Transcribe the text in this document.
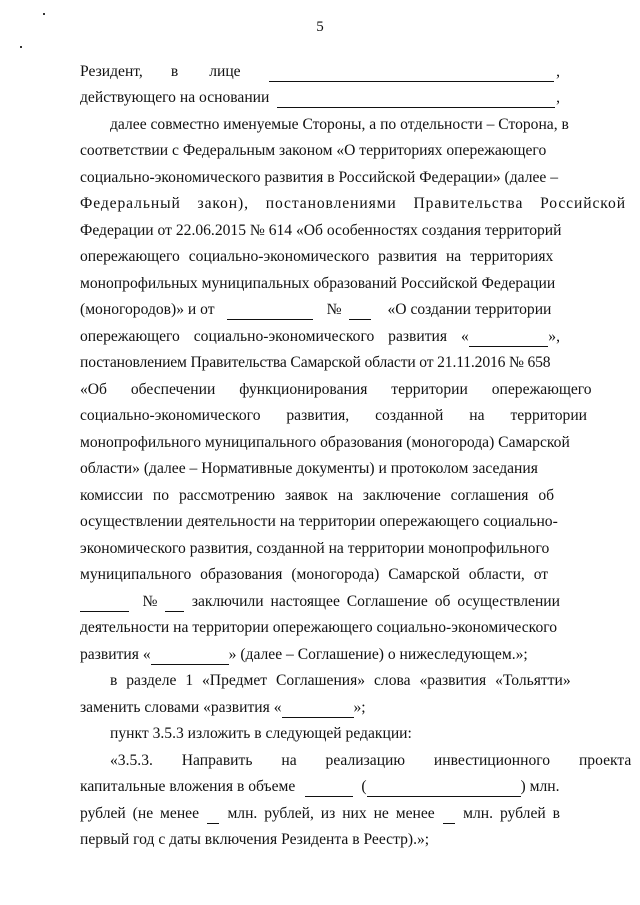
5
Резидент, в лице	,
действующего на основании	,
далее совместно именуемые Стороны, а по отдельности – Сторона, в
соответствии с Федеральным законом «О территориях опережающего
социально-экономического развития в Российской Федерации» (далее –
Федеральный закон), постановлениями Правительства Российской
Федерации от 22.06.2015 № 614 «Об особенностях создания территорий
опережающего социально-экономического развития на территориях
монопрофильных муниципальных образований Российской Федерации
(моногородов)» и от	№	«О создании территории
опережающего социально-экономического развития «	»,
постановлением Правительства Самарской области от 21.11.2016 № 658
«Об обеспечении функционирования территории опережающего
социально-экономического развития, созданной на территории
монопрофильного муниципального образования (моногорода) Самарской
области» (далее – Нормативные документы) и протоколом заседания
комиссии по рассмотрению заявок на заключение соглашения об
осуществлении деятельности на территории опережающего социально-
экономического развития, созданной на территории монопрофильного
муниципального образования (моногорода) Самарской области, от
№ заключили настоящее Соглашение об осуществлении
деятельности на территории опережающего социально-экономического
развития «	» (далее – Соглашение) о нижеследующем.»;
в разделе 1 «Предмет Соглашения» слова «развития «Тольятти»
заменить словами «развития «	»;
пункт 3.5.3 изложить в следующей редакции:
«3.5.3. Направить на реализацию инвестиционного проекта
капитальные вложения в объеме	(	) млн.
рублей (не менее млн. рублей, из них не менее млн. рублей в
первый год с даты включения Резидента в Реестр).»;
